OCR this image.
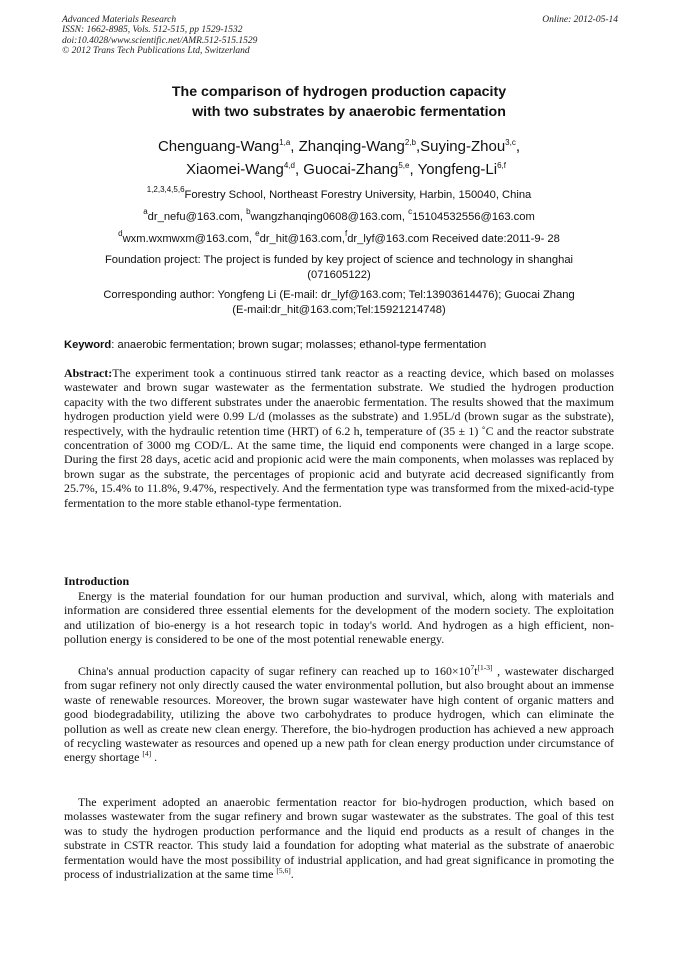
Advanced Materials Research
ISSN: 1662-8985, Vols. 512-515, pp 1529-1532
doi:10.4028/www.scientific.net/AMR.512-515.1529
© 2012 Trans Tech Publications Ltd, Switzerland
Online: 2012-05-14
The comparison of hydrogen production capacity
with two substrates by anaerobic fermentation
Chenguang-Wang$^{1,a}$, Zhanqing-Wang$^{2,b}$,Suying-Zhou$^{3,c}$,
Xiaomei-Wang$^{4,d}$, Guocai-Zhang$^{5,e}$, Yongfeng-Li$^{6,f}$
$^{1,2,3,4,5,6}$Forestry School, Northeast Forestry University, Harbin, 150040, China
$^a$dr_nefu@163.com, $^b$wangzhanqing0608@163.com, $^c$15104532556@163.com
$^d$wxm.wxmwxm@163.com, $^e$dr_hit@163.com,$^f$dr_lyf@163.com Received date:2011-9- 28
Foundation project: The project is funded by key project of science and technology in shanghai
(071605122)
Corresponding author: Yongfeng Li (E-mail: dr_lyf@163.com; Tel:13903614476); Guocai Zhang
(E-mail:dr_hit@163.com;Tel:15921214748)
Keyword: anaerobic fermentation; brown sugar; molasses; ethanol-type fermentation
Abstract:The experiment took a continuous stirred tank reactor as a reacting device, which based on molasses wastewater and brown sugar wastewater as the fermentation substrate. We studied the hydrogen production capacity with the two different substrates under the anaerobic fermentation. The results showed that the maximum hydrogen production yield were 0.99 L/d (molasses as the substrate) and 1.95L/d (brown sugar as the substrate), respectively, with the hydraulic retention time (HRT) of 6.2 h, temperature of (35 ± 1) ˚C and the reactor substrate concentration of 3000 mg COD/L. At the same time, the liquid end components were changed in a large scope. During the first 28 days, acetic acid and propionic acid were the main components, when molasses was replaced by brown sugar as the substrate, the percentages of propionic acid and butyrate acid decreased significantly from 25.7%, 15.4% to 11.8%, 9.47%, respectively. And the fermentation type was transformed from the mixed-acid-type fermentation to the more stable ethanol-type fermentation.
Introduction
Energy is the material foundation for our human production and survival, which, along with materials and information are considered three essential elements for the development of the modern society. The exploitation and utilization of bio-energy is a hot research topic in today's world. And hydrogen as a high efficient, non-pollution energy is considered to be one of the most potential renewable energy.
China's annual production capacity of sugar refinery can reached up to $160\times 10^7t[1-3]$ , wastewater discharged from sugar refinery not only directly caused the water environmental pollution, but also brought about an immense waste of renewable resources. Moreover, the brown sugar wastewater have high content of organic matters and good biodegradability, utilizing the above two carbohydrates to produce hydrogen, which can eliminate the pollution as well as create new clean energy. Therefore, the bio-hydrogen production has achieved a new approach of recycling wastewater as resources and opened up a new path for clean energy production under circumstance of energy shortage [4] .
The experiment adopted an anaerobic fermentation reactor for bio-hydrogen production, which based on molasses wastewater from the sugar refinery and brown sugar wastewater as the substrates. The goal of this test was to study the hydrogen production performance and the liquid end products as a result of changes in the substrate in CSTR reactor. This study laid a foundation for adopting what material as the substrate of anaerobic fermentation would have the most possibility of industrial application, and had great significance in promoting the process of industrialization at the same time [5,6].
